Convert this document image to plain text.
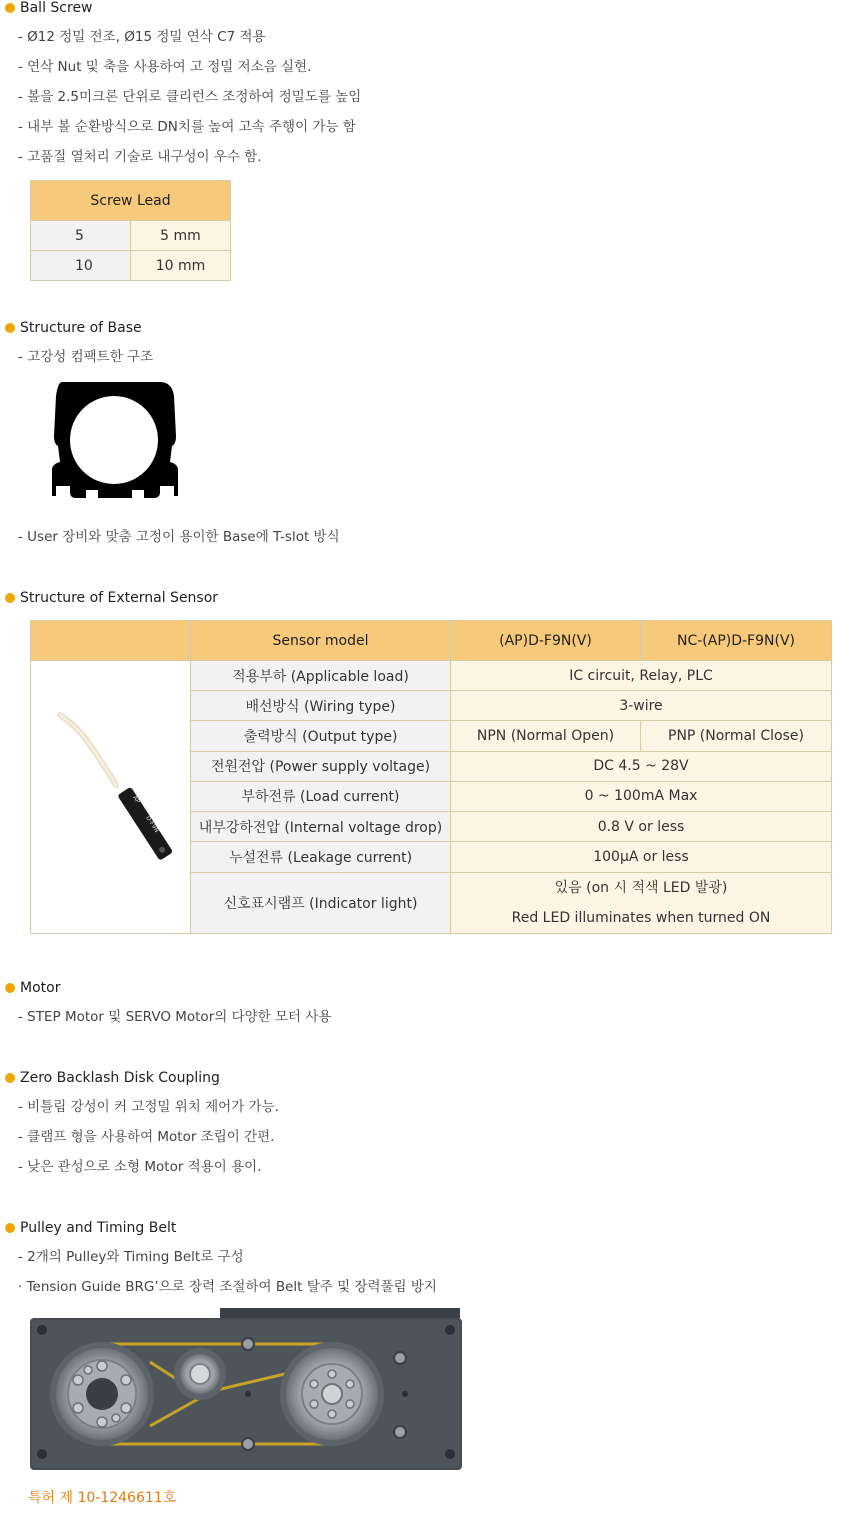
Ball Screw
- Ø12 정밀 전조, Ø15 정밀 연삭 C7 적용
- 연삭 Nut 및 축을 사용하여 고 정밀 저소음 실현.
- 볼을 2.5미크론 단위로 클리런스 조정하여 정밀도를 높임
- 내부 볼 순환방식으로 DN치를 높여 고속 주행이 가능 함
- 고품질 열처리 기술로 내구성이 우수 함.
Screw Lead	
5	5 mm
10	10 mm
Structure of Base
- 고강성 컴팩트한 구조
- User 장비와 맞춤 고정이 용이한 Base에 T-slot 방식
Structure of External Sensor
	Sensor model	(AP)D-F9N(V)	NC-(AP)D-F9N(V)

AP
D-F9N	적용부하 (Applicable load)	IC circuit, Relay, PLC	
	배선방식 (Wiring type)	3-wire	
	출력방식 (Output type)	NPN (Normal Open)	PNP (Normal Close)
	전원전압 (Power supply voltage)	DC 4.5 ~ 28V	
	부하전류 (Load current)	0 ~ 100mA Max	
	내부강하전압 (Internal voltage drop)	0.8 V or less	
	누설전류 (Leakage current)	100μA or less	
	신호표시램프 (Indicator light)	있음 (on 시 적색 LED 발광)
Red LED illuminates when turned ON	
Motor
- STEP Motor 및 SERVO Motor의 다양한 모터 사용
Zero Backlash Disk Coupling
- 비틀림 강성이 커 고정밀 위치 제어가 가능.
- 클램프 형을 사용하여 Motor 조립이 간편.
- 낮은 관성으로 소형 Motor 적용이 용이.
Pulley and Timing Belt
- 2개의 Pulley와 Timing Belt로 구성
· Tension Guide BRG’으로 장력 조절하여 Belt 탈주 및 장력풀림 방지
특허 제 10-1246611호
